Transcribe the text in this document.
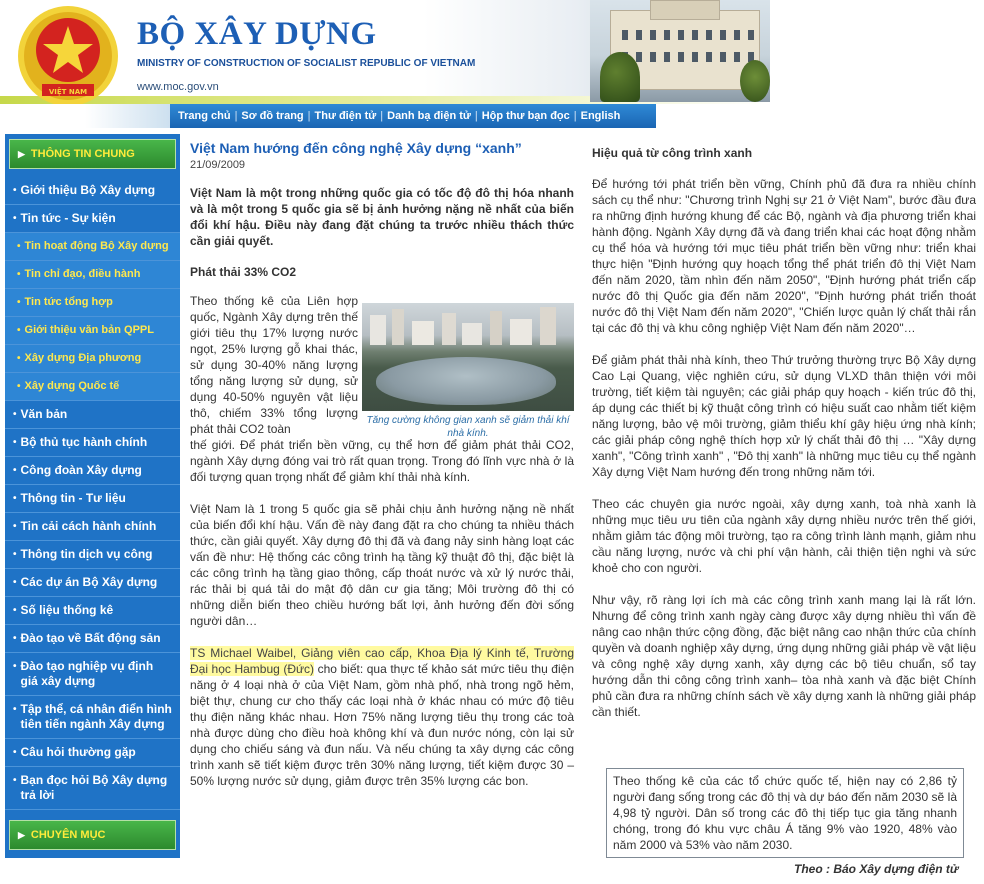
VIỆT NAM
BỘ XÂY DỰNG
MINISTRY OF CONSTRUCTION OF SOCIALIST REPUBLIC OF VIETNAM
www.moc.gov.vn
Trang chủ | Sơ đồ trang | Thư điện tử | Danh bạ điện tử | Hộp thư bạn đọc | English
▶ THÔNG TIN CHUNG
• Giới thiệu Bộ Xây dựng
• Tin tức - Sự kiện
• Tin hoạt động Bộ Xây dựng
• Tin chỉ đạo, điều hành
• Tin tức tổng hợp
• Giới thiệu văn bản QPPL
• Xây dựng Địa phương
• Xây dựng Quốc tế
• Văn bản
• Bộ thủ tục hành chính
• Công đoàn Xây dựng
• Thông tin - Tư liệu
• Tin cải cách hành chính
• Thông tin dịch vụ công
• Các dự án Bộ Xây dựng
• Số liệu thống kê
• Đào tạo về Bất động sản
• Đào tạo nghiệp vụ định giá xây dựng
• Tập thể, cá nhân điển hình tiên tiến ngành Xây dựng
• Câu hỏi thường gặp
• Bạn đọc hỏi Bộ Xây dựng trả lời
▶ CHUYÊN MỤC
Việt Nam hướng đến công nghệ Xây dựng “xanh”
21/09/2009
Việt Nam là một trong những quốc gia có tốc độ đô thị hóa nhanh và là một trong 5 quốc gia sẽ bị ảnh hưởng nặng nề nhất của biến đổi khí hậu. Điều này đang đặt chúng ta trước nhiều thách thức cần giải quyết.
Phát thải 33% CO2
Theo thống kê của Liên hợp quốc, Ngành Xây dựng trên thế giới tiêu thụ 17% lượng nước ngọt, 25% lượng gỗ khai thác, sử dụng 30-40% năng lượng tổng năng lượng sử dụng, sử dụng 40-50% nguyên vật liệu thô, chiếm 33% tổng lượng phát thải CO2 toàn
Tăng cường không gian xanh sẽ giảm thải khí nhà kính.
thế giới. Để phát triển bền vững, cụ thể hơn để giảm phát thải CO2, ngành Xây dựng đóng vai trò rất quan trọng. Trong đó lĩnh vực nhà ở là đối tượng quan trọng nhất để giảm khí thải nhà kính.
Việt Nam là 1 trong 5 quốc gia sẽ phải chịu ảnh hưởng nặng nề nhất của biến đổi khí hậu. Vấn đề này đang đặt ra cho chúng ta nhiều thách thức, cần giải quyết. Xây dựng đô thị đã và đang nảy sinh hàng loạt các vấn đề như: Hệ thống các công trình hạ tầng kỹ thuật đô thị, đặc biệt là các công trình hạ tầng giao thông, cấp thoát nước và xử lý nước thải, rác thải bị quá tải do mật độ dân cư gia tăng; Môi trường đô thị có những diễn biến theo chiều hướng bất lợi, ảnh hưởng đến đời sống người dân…
TS Michael Waibel, Giảng viên cao cấp, Khoa Địa lý Kinh tế, Trường Đại học Hambug (Đức) cho biết: qua thực tế khảo sát mức tiêu thụ điện năng ở 4 loại nhà ở của Việt Nam, gồm nhà phố, nhà trong ngõ hẻm, biệt thự, chung cư cho thấy các loại nhà ở khác nhau có mức độ tiêu thụ điện năng khác nhau. Hơn 75% năng lượng tiêu thụ trong các toà nhà được dùng cho điều hoà không khí và đun nước nóng, còn lại sử dụng cho chiếu sáng và đun nấu. Và nếu chúng ta xây dựng các công trình xanh sẽ tiết kiệm được trên 30% năng lượng, tiết kiệm được 30 – 50% lượng nước sử dụng, giảm được trên 35% lượng các bon.
Hiệu quả từ công trình xanh
Để hướng tới phát triển bền vững, Chính phủ đã đưa ra nhiều chính sách cụ thể như: "Chương trình Nghị sự 21 ở Việt Nam", bước đầu đưa ra những định hướng khung để các Bộ, ngành và địa phương triển khai hành động. Ngành Xây dựng đã và đang triển khai các hoạt động nhằm cụ thể hóa và hướng tới mục tiêu phát triển bền vững như: triển khai thực hiện "Định hướng quy hoạch tổng thể phát triển đô thị Việt Nam đến năm 2020, tầm nhìn đến năm 2050", "Định hướng phát triển cấp nước đô thị Quốc gia đến năm 2020", "Định hướng phát triển thoát nước đô thị Việt Nam đến năm 2020", "Chiến lược quản lý chất thải rắn tại các đô thị và khu công nghiệp Việt Nam đến năm 2020"…
Để giảm phát thải nhà kính, theo Thứ trưởng thường trực Bộ Xây dựng Cao Lại Quang, việc nghiên cứu, sử dụng VLXD thân thiện với môi trường, tiết kiệm tài nguyên; các giải pháp quy hoạch - kiến trúc đô thị, áp dụng các thiết bị kỹ thuật công trình có hiệu suất cao nhằm tiết kiệm năng lượng, bảo vệ môi trường, giảm thiểu khí gây hiệu ứng nhà kính; các giải pháp công nghệ thích hợp xử lý chất thải đô thị … "Xây dựng xanh", "Công trình xanh" , "Đô thị xanh" là những mục tiêu cụ thể ngành Xây dựng Việt Nam hướng đến trong những năm tới.
Theo các chuyên gia nước ngoài, xây dựng xanh, toà nhà xanh là những mục tiêu ưu tiên của ngành xây dựng nhiều nước trên thế giới, nhằm giảm tác động môi trường, tạo ra công trình lành mạnh, giảm nhu cầu năng lượng, nước và chi phí vận hành, cải thiện tiện nghi và sức khoẻ cho con người.
Như vậy, rõ ràng lợi ích mà các công trình xanh mang lại là rất lớn. Nhưng để công trình xanh ngày càng được xây dựng nhiều thì vấn đề nâng cao nhận thức cộng đồng, đặc biệt nâng cao nhận thức của chính quyền và doanh nghiệp xây dựng, ứng dụng những giải pháp về vật liệu và công nghệ xây dựng xanh, xây dựng các bộ tiêu chuẩn, sổ tay hướng dẫn thi công công trình xanh– tòa nhà xanh và đặc biệt Chính phủ cần đưa ra những chính sách về xây dựng xanh là những giải pháp cần thiết.
Theo thống kê của các tổ chức quốc tế, hiện nay có 2,86 tỷ người đang sống trong các đô thị và dự báo đến năm 2030 sẽ là 4,98 tỷ người. Dân số trong các đô thị tiếp tục gia tăng nhanh chóng, trong đó khu vực châu Á tăng 9% vào 1920, 48% vào năm 2000 và 53% vào năm 2030.
Theo : Báo Xây dựng điện tử
